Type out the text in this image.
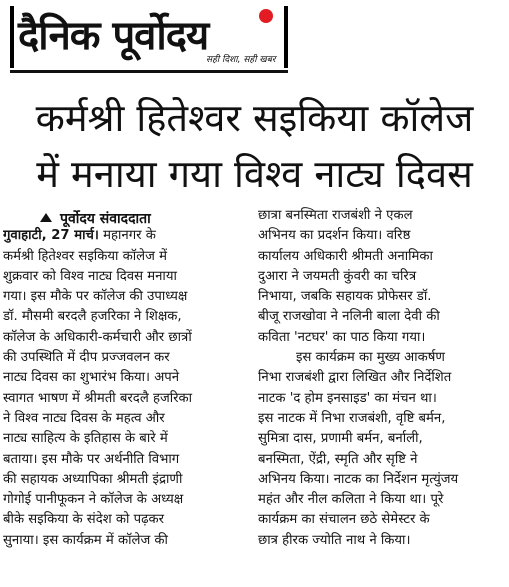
दैनिक पूर्वोदय
सही दिशा, सही खबर
कर्मश्री हितेश्वर सइकिया कॉलेज
में मनाया गया विश्व नाट्य दिवस
पूर्वोदय संवाददाता
गुवाहाटी, 27 मार्च।
महानगर के
कर्मश्री हितेश्वर सइकिया कॉलेज में
शुक्रवार को विश्व नाट्य दिवस मनाया
गया। इस मौके पर कॉलेज की उपाध्यक्ष
डॉ. मौसमी बरदलै हजरिका ने शिक्षक,
कॉलेज के अधिकारी-कर्मचारी और छात्रों
की उपस्थिति में दीप प्रज्जवलन कर
नाट्य दिवस का शुभारंभ किया। अपने
स्वागत भाषण में श्रीमती बरदलै हजरिका
ने विश्व नाट्य दिवस के महत्व और
नाट्य साहित्य के इतिहास के बारे में
बताया। इस मौके पर अर्थनीति विभाग
की सहायक अध्यापिका श्रीमती इंद्राणी
गोगोई पानीफूकन ने कॉलेज के अध्यक्ष
बीके सइकिया के संदेश को पढ़कर
सुनाया। इस कार्यक्रम में कॉलेज की
छात्रा बनस्मिता राजबंशी ने एकल
अभिनय का प्रदर्शन किया। वरिष्ठ
कार्यालय अधिकारी श्रीमती अनामिका
दुआरा ने जयमती कुंवरी का चरित्र
निभाया, जबकि सहायक प्रोफेसर डॉ.
बीजू राजखोवा ने नलिनी बाला देवी की
कविता 'नटघर' का पाठ किया गया।
इस कार्यक्रम का मुख्य आकर्षण
निभा राजबंशी द्वारा लिखित और निर्देशित
नाटक 'द होम इनसाइड' का मंचन था।
इस नाटक में निभा राजबंशी, वृष्टि बर्मन,
सुमित्रा दास, प्रणामी बर्मन, बर्नाली,
बनस्मिता, ऐंद्री, स्मृति और सृष्टि ने
अभिनय किया। नाटक का निर्देशन मृत्युंजय
महंत और नील कलिता ने किया था। पूरे
कार्यक्रम का संचालन छठे सेमेस्टर के
छात्र हीरक ज्योति नाथ ने किया।
